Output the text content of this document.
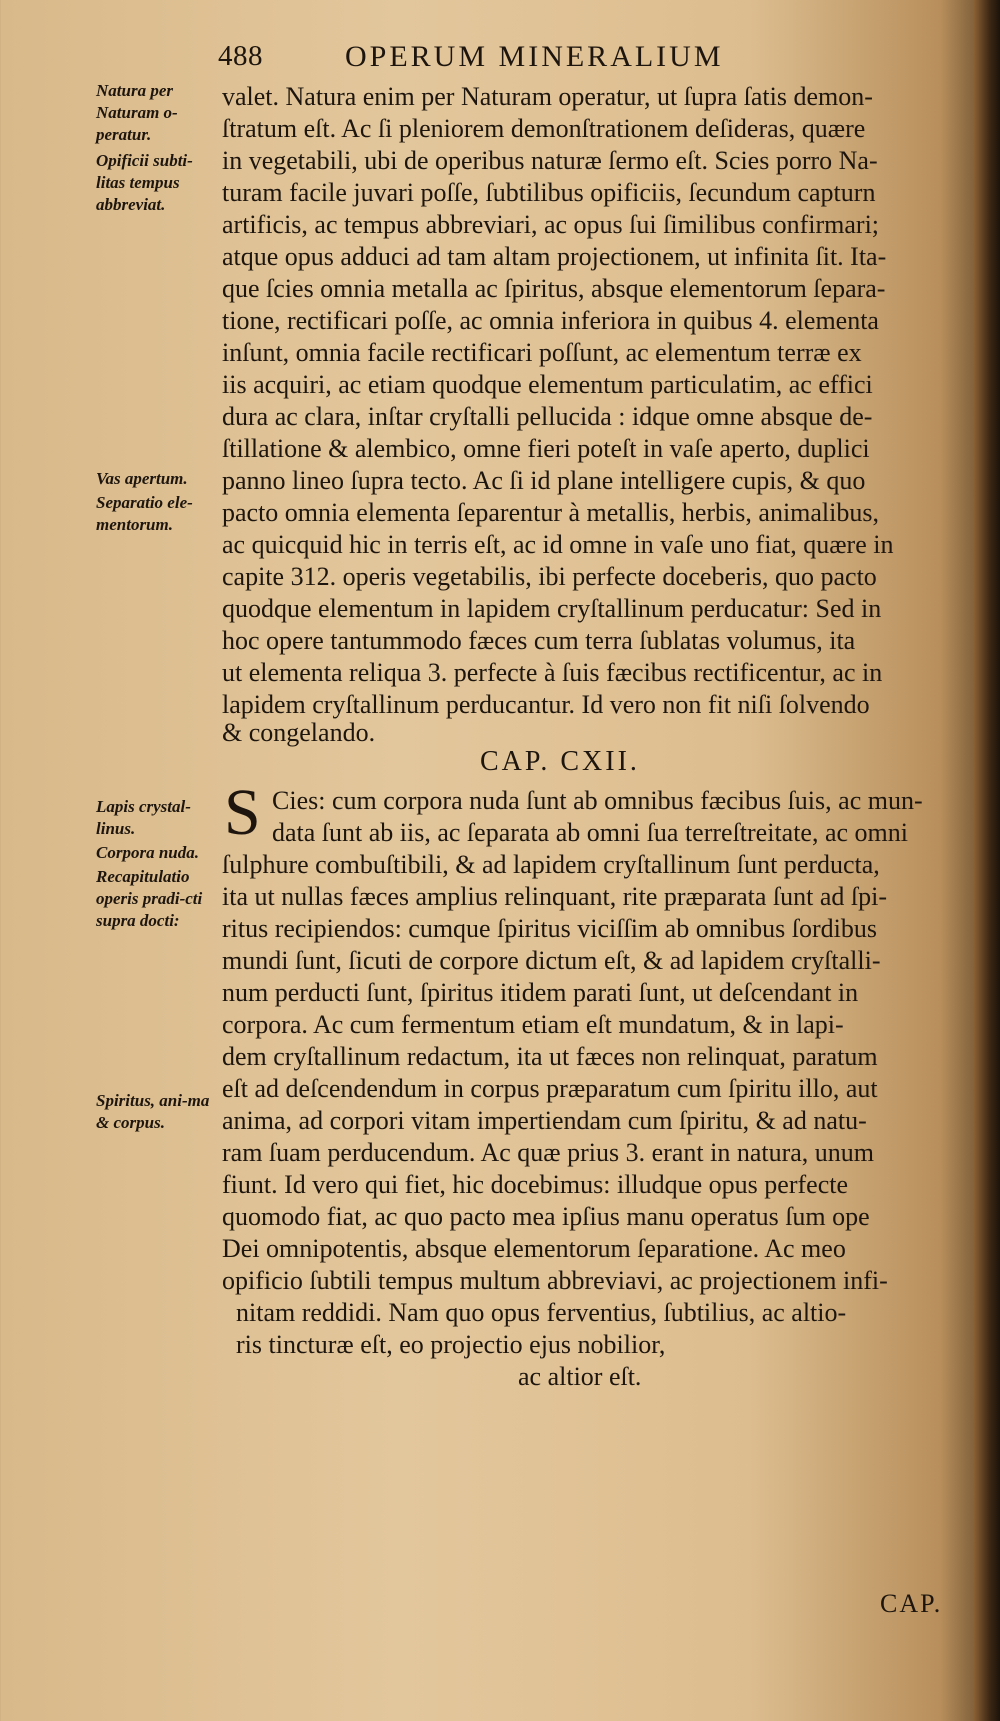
488	OPERUM MINERALIUM
Natura per Naturam o-peratur.
Opificii subti-litas tempus abbreviat.
Vas apertum.
Separatio ele-mentorum.
Lapis crystal-linus.
Corpora nuda.
Recapitulatio operis pradi-cti supra docti:
Spiritus, ani-ma & corpus.
valet. Natura enim per Naturam operatur, ut ſupra ſatis demon-
ſtratum eſt. Ac ſi pleniorem demonſtrationem deſideras, quære
in vegetabili, ubi de operibus naturæ ſermo eſt. Scies porro Na-
turam facile juvari poſſe, ſubtilibus opificiis, ſecundum capturn
artificis, ac tempus abbreviari, ac opus ſui ſimilibus confirmari;
atque opus adduci ad tam altam projectionem, ut infinita ſit. Ita-
que ſcies omnia metalla ac ſpiritus, absque elementorum ſepara-
tione, rectificari poſſe, ac omnia inferiora in quibus 4. elementa
inſunt, omnia facile rectificari poſſunt, ac elementum terræ ex
iis acquiri, ac etiam quodque elementum particulatim, ac effici
dura ac clara, inſtar cryſtalli pellucida : idque omne absque de-
ſtillatione & alembico, omne fieri poteſt in vaſe aperto, duplici
panno lineo ſupra tecto. Ac ſi id plane intelligere cupis, & quo
pacto omnia elementa ſeparentur à metallis, herbis, animalibus,
ac quicquid hic in terris eſt, ac id omne in vaſe uno fiat, quære in
capite 312. operis vegetabilis, ibi perfecte doceberis, quo pacto
quodque elementum in lapidem cryſtallinum perducatur: Sed in
hoc opere tantummodo fæces cum terra ſublatas volumus, ita
ut elementa reliqua 3. perfecte à ſuis fæcibus rectificentur, ac in
lapidem cryſtallinum perducantur. Id vero non fit niſi ſolvendo
& congelando.
CAP. CXII.
S Cies: cum corpora nuda ſunt ab omnibus fæcibus ſuis, ac mun-
data ſunt ab iis, ac ſeparata ab omni ſua terreſtreitate, ac omni
ſulphure combuſtibili, & ad lapidem cryſtallinum ſunt perducta,
ita ut nullas fæces amplius relinquant, rite præparata ſunt ad ſpi-
ritus recipiendos: cumque ſpiritus viciſſim ab omnibus ſordibus
mundi ſunt, ſicuti de corpore dictum eſt, & ad lapidem cryſtalli-
num perducti ſunt, ſpiritus itidem parati ſunt, ut deſcendant in
corpora. Ac cum fermentum etiam eſt mundatum, & in lapi-
dem cryſtallinum redactum, ita ut fæces non relinquat, paratum
eſt ad deſcendendum in corpus præparatum cum ſpiritu illo, aut
anima, ad corpori vitam impertiendam cum ſpiritu, & ad natu-
ram ſuam perducendum. Ac quæ prius 3. erant in natura, unum
fiunt. Id vero qui fiet, hic docebimus: illudque opus perfecte
quomodo fiat, ac quo pacto mea ipſius manu operatus ſum ope
Dei omnipotentis, absque elementorum ſeparatione. Ac meo
opificio ſubtili tempus multum abbreviavi, ac projectionem infi-
nitam reddidi. Nam quo opus ferventius, ſubtilius, ac altio-
ris tincturæ eſt, eo projectio ejus nobilior,
ac altior eſt.
CAP.
